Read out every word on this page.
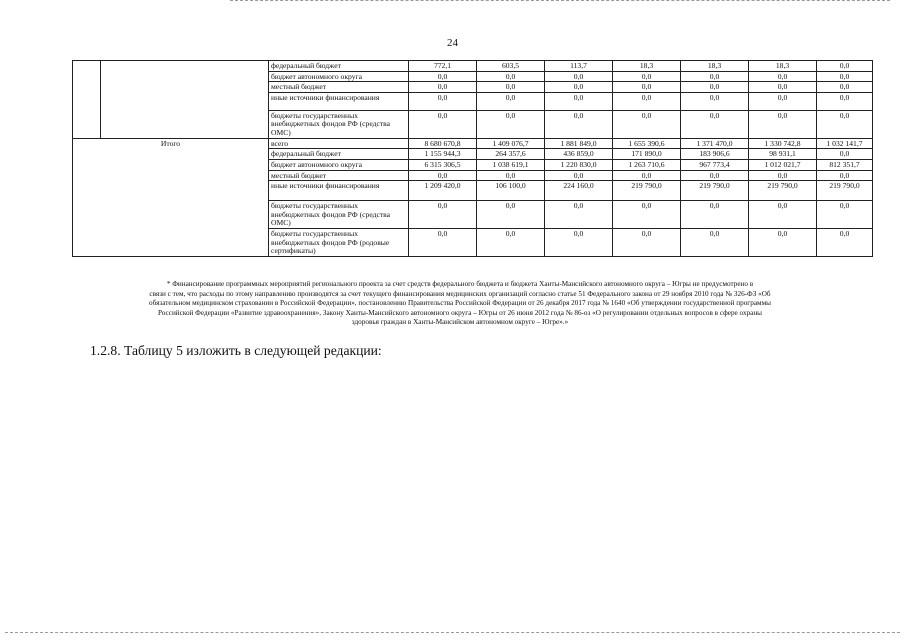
24
		федеральный бюджет	772,1	603,5	113,7	18,3	18,3	18,3	0,0
		бюджет автономного округа	0,0	0,0	0,0	0,0	0,0	0,0	0,0
		местный бюджет	0,0	0,0	0,0	0,0	0,0	0,0	0,0
		иные источники финансирования	0,0	0,0	0,0	0,0	0,0	0,0	0,0
		бюджеты государственных внебюджетных фондов РФ (средства ОМС)	0,0	0,0	0,0	0,0	0,0	0,0	0,0
Итого		всего	8 680 670,8	1 409 076,7	1 881 849,0	1 655 390,6	1 371 470,0	1 330 742,8	1 032 141,7
		федеральный бюджет	1 155 944,3	264 357,6	436 859,0	171 890,0	183 906,6	98 931,1	0,0
		бюджет автономного округа	6 315 306,5	1 038 619,1	1 220 830,0	1 263 710,6	967 773,4	1 012 021,7	812 351,7
		местный бюджет	0,0	0,0	0,0	0,0	0,0	0,0	0,0
		иные источники финансирования	1 209 420,0	106 100,0	224 160,0	219 790,0	219 790,0	219 790,0	219 790,0
		бюджеты государственных внебюджетных фондов РФ (средства ОМС)	0,0	0,0	0,0	0,0	0,0	0,0	0,0
		бюджеты государственных внебюджетных фондов РФ (родовые сертификаты)	0,0	0,0	0,0	0,0	0,0	0,0	0,0

* Финансирование программных мероприятий регионального проекта за счет средств федерального бюджета и бюджета Ханты-Мансийского автономного округа – Югры не предусмотрено в

связи с тем, что расходы по этому направлению производятся за счет текущего финансирования медицинских организаций согласно статье 51 Федерального закона от 29 ноября 2010 года № 326-ФЗ «Об

обязательном медицинском страховании в Российской Федерации», постановлению Правительства Российской Федерации от 26 декабря 2017 года № 1640 «Об утверждении государственной программы

Российской Федерации «Развитие здравоохранения», Закону Ханты-Мансийского автономного округа – Югры от 26 июня 2012 года № 86-оз «О регулировании отдельных вопросов в сфере охраны

здоровья граждан в Ханты-Мансийском автономном округе – Югре».»

1.2.8. Таблицу 5 изложить в следующей редакции:
